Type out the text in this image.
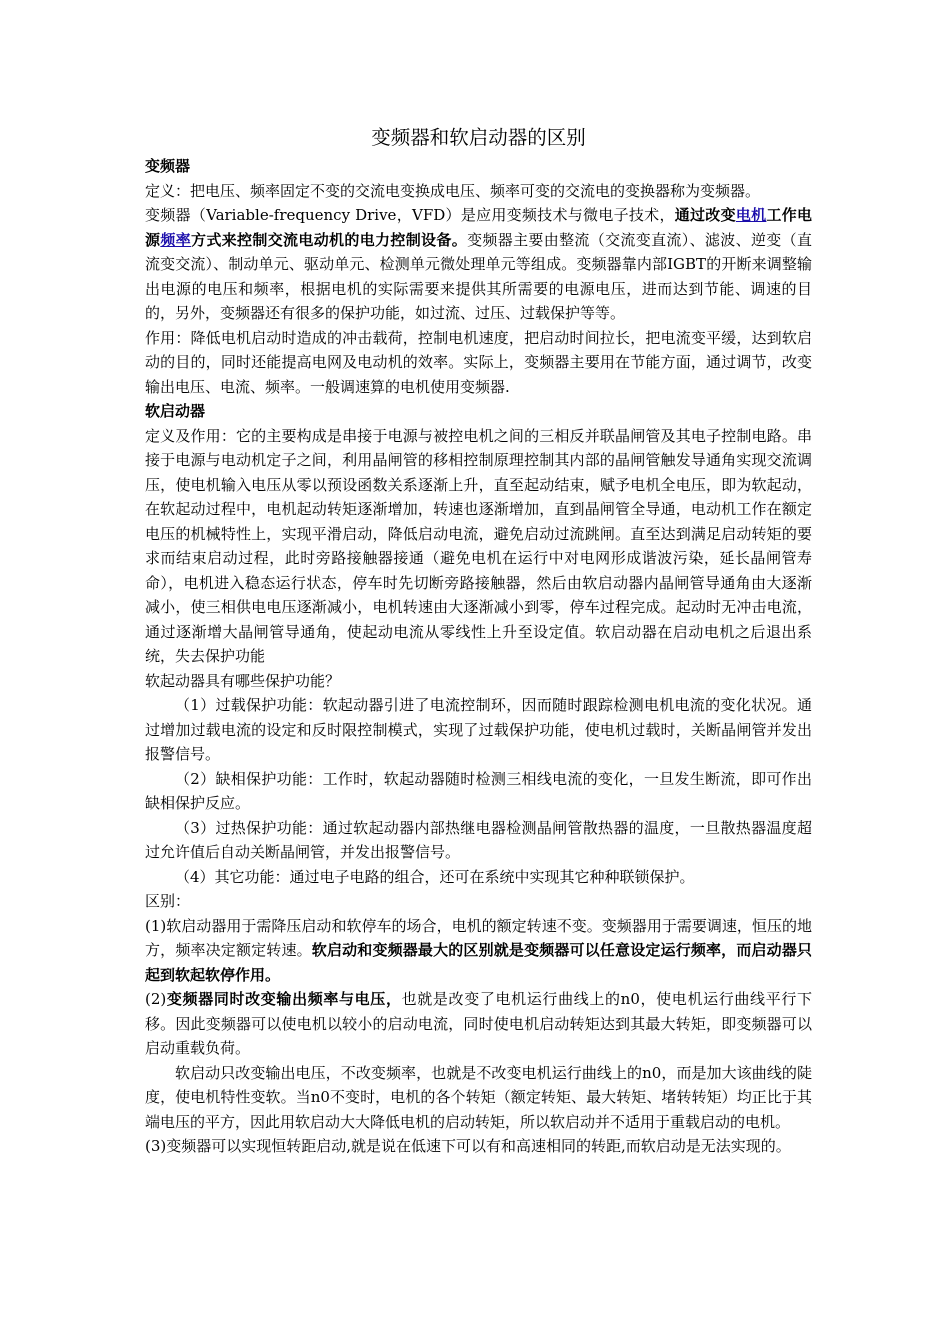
变频器和软启动器的区别
变频器

定义：把电压、频率固定不变的交流电变换成电压、频率可变的交流电的变换器称为变频器。

变频器（Variable-frequency Drive，VFD）是应用变频技术与微电子技术，通过改变电机工作电源频率方式来控制交流电动机的电力控制设备。变频器主要由整流（交流变直流）、滤波、逆变（直流变交流）、制动单元、驱动单元、检测单元微处理单元等组成。变频器靠内部IGBT的开断来调整输出电源的电压和频率，根据电机的实际需要来提供其所需要的电源电压，进而达到节能、调速的目的，另外，变频器还有很多的保护功能，如过流、过压、过载保护等等。

作用：降低电机启动时造成的冲击载荷，控制电机速度，把启动时间拉长，把电流变平缓，达到软启动的目的，同时还能提高电网及电动机的效率。实际上，变频器主要用在节能方面，通过调节，改变输出电压、电流、频率。一般调速算的电机使用变频器.

软启动器

定义及作用：它的主要构成是串接于电源与被控电机之间的三相反并联晶闸管及其电子控制电路。串接于电源与电动机定子之间，利用晶闸管的移相控制原理控制其内部的晶闸管触发导通角实现交流调压，使电机输入电压从零以预设函数关系逐渐上升，直至起动结束，赋予电机全电压，即为软起动，在软起动过程中，电机起动转矩逐渐增加，转速也逐渐增加，直到晶闸管全导通，电动机工作在额定电压的机械特性上，实现平滑启动，降低启动电流，避免启动过流跳闸。直至达到满足启动转矩的要求而结束启动过程，此时旁路接触器接通（避免电机在运行中对电网形成谐波污染，延长晶闸管寿命），电机进入稳态运行状态，停车时先切断旁路接触器，然后由软启动器内晶闸管导通角由大逐渐减小，使三相供电电压逐渐减小，电机转速由大逐渐减小到零，停车过程完成。起动时无冲击电流，通过逐渐增大晶闸管导通角，使起动电流从零线性上升至设定值。软启动器在启动电机之后退出系统，失去保护功能

软起动器具有哪些保护功能？

（1）过载保护功能：软起动器引进了电流控制环，因而随时跟踪检测电机电流的变化状况。通过增加过载电流的设定和反时限控制模式，实现了过载保护功能，使电机过载时，关断晶闸管并发出报警信号。

（2）缺相保护功能：工作时，软起动器随时检测三相线电流的变化，一旦发生断流，即可作出缺相保护反应。

（3）过热保护功能：通过软起动器内部热继电器检测晶闸管散热器的温度，一旦散热器温度超过允许值后自动关断晶闸管，并发出报警信号。

（4）其它功能：通过电子电路的组合，还可在系统中实现其它种种联锁保护。

区别：

(1)软启动器用于需降压启动和软停车的场合，电机的额定转速不变。变频器用于需要调速，恒压的地方，频率决定额定转速。软启动和变频器最大的区别就是变频器可以任意设定运行频率，而启动器只起到软起软停作用。

(2)变频器同时改变输出频率与电压，也就是改变了电机运行曲线上的n0，使电机运行曲线平行下移。因此变频器可以使电机以较小的启动电流，同时使电机启动转矩达到其最大转矩，即变频器可以启动重载负荷。

软启动只改变输出电压，不改变频率，也就是不改变电机运行曲线上的n0，而是加大该曲线的陡度，使电机特性变软。当n0不变时，电机的各个转矩（额定转矩、最大转矩、堵转转矩）均正比于其端电压的平方，因此用软启动大大降低电机的启动转矩，所以软启动并不适用于重载启动的电机。

(3)变频器可以实现恒转距启动,就是说在低速下可以有和高速相同的转距,而软启动是无法实现的。
